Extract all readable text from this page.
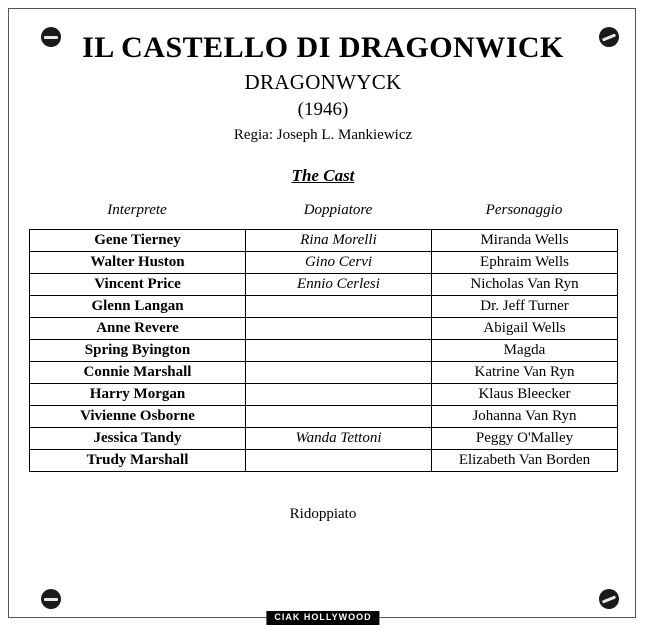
IL CASTELLO DI DRAGONWICK
DRAGONWYCK
(1946)
Regia: Joseph L. Mankiewicz
The Cast
Interprete	Doppiatore	Personaggio
Gene Tierney	Rina Morelli	Miranda Wells
Walter Huston	Gino Cervi	Ephraim Wells
Vincent Price	Ennio Cerlesi	Nicholas Van Ryn
Glenn Langan		Dr. Jeff Turner
Anne Revere		Abigail Wells
Spring Byington		Magda
Connie Marshall		Katrine Van Ryn
Harry Morgan		Klaus Bleecker
Vivienne Osborne		Johanna Van Ryn
Jessica Tandy	Wanda Tettoni	Peggy O'Malley
Trudy Marshall		Elizabeth Van Borden
Ridoppiato
CIAK HOLLYWOOD
